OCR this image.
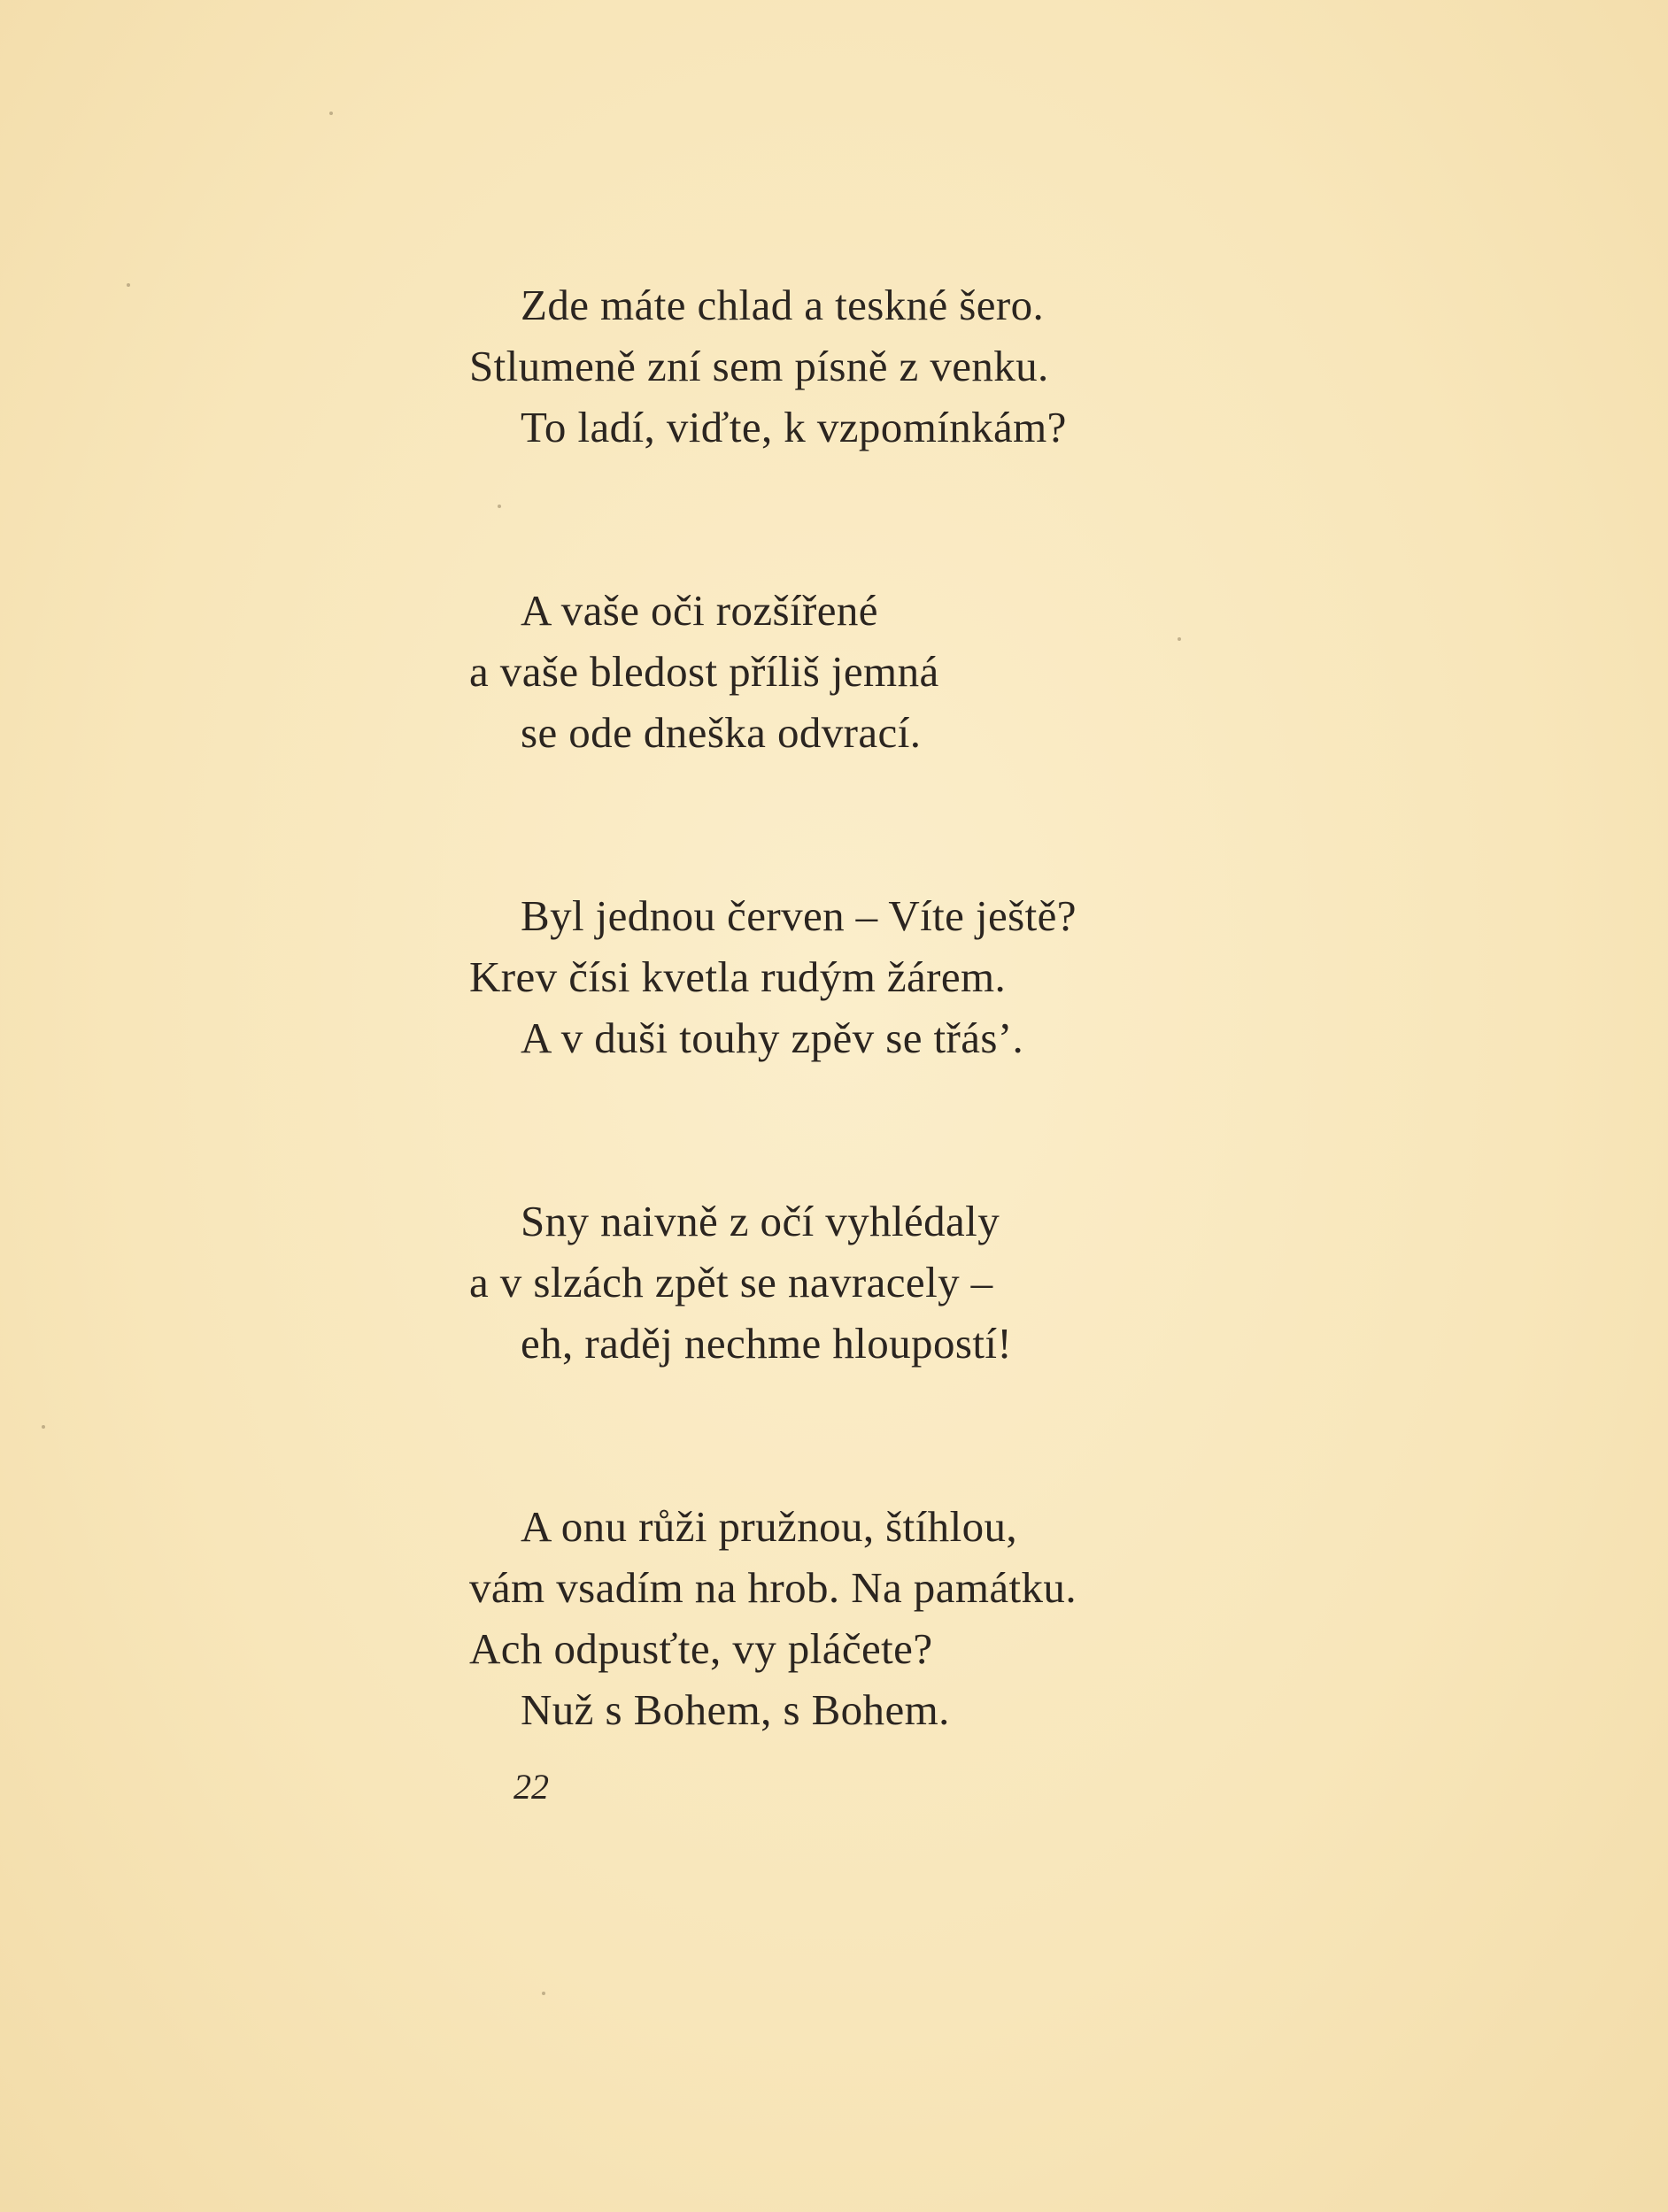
Zde máte chlad a teskné šero.
Stlumeně zní sem písně z venku.
To ladí, viďte, k vzpomínkám?
A vaše oči rozšířené
a vaše bledost příliš jemná
se ode dneška odvrací.
Byl jednou červen – Víte ještě?
Krev čísi kvetla rudým žárem.
A v duši touhy zpěv se třás’.
Sny naivně z očí vyhlédaly
a v slzách zpět se navracely –
eh, raděj nechme hloupostí!
A onu růži pružnou, štíhlou,
vám vsadím na hrob. Na památku.
Ach odpusťte, vy pláčete?
Nuž s Bohem, s Bohem.
22
